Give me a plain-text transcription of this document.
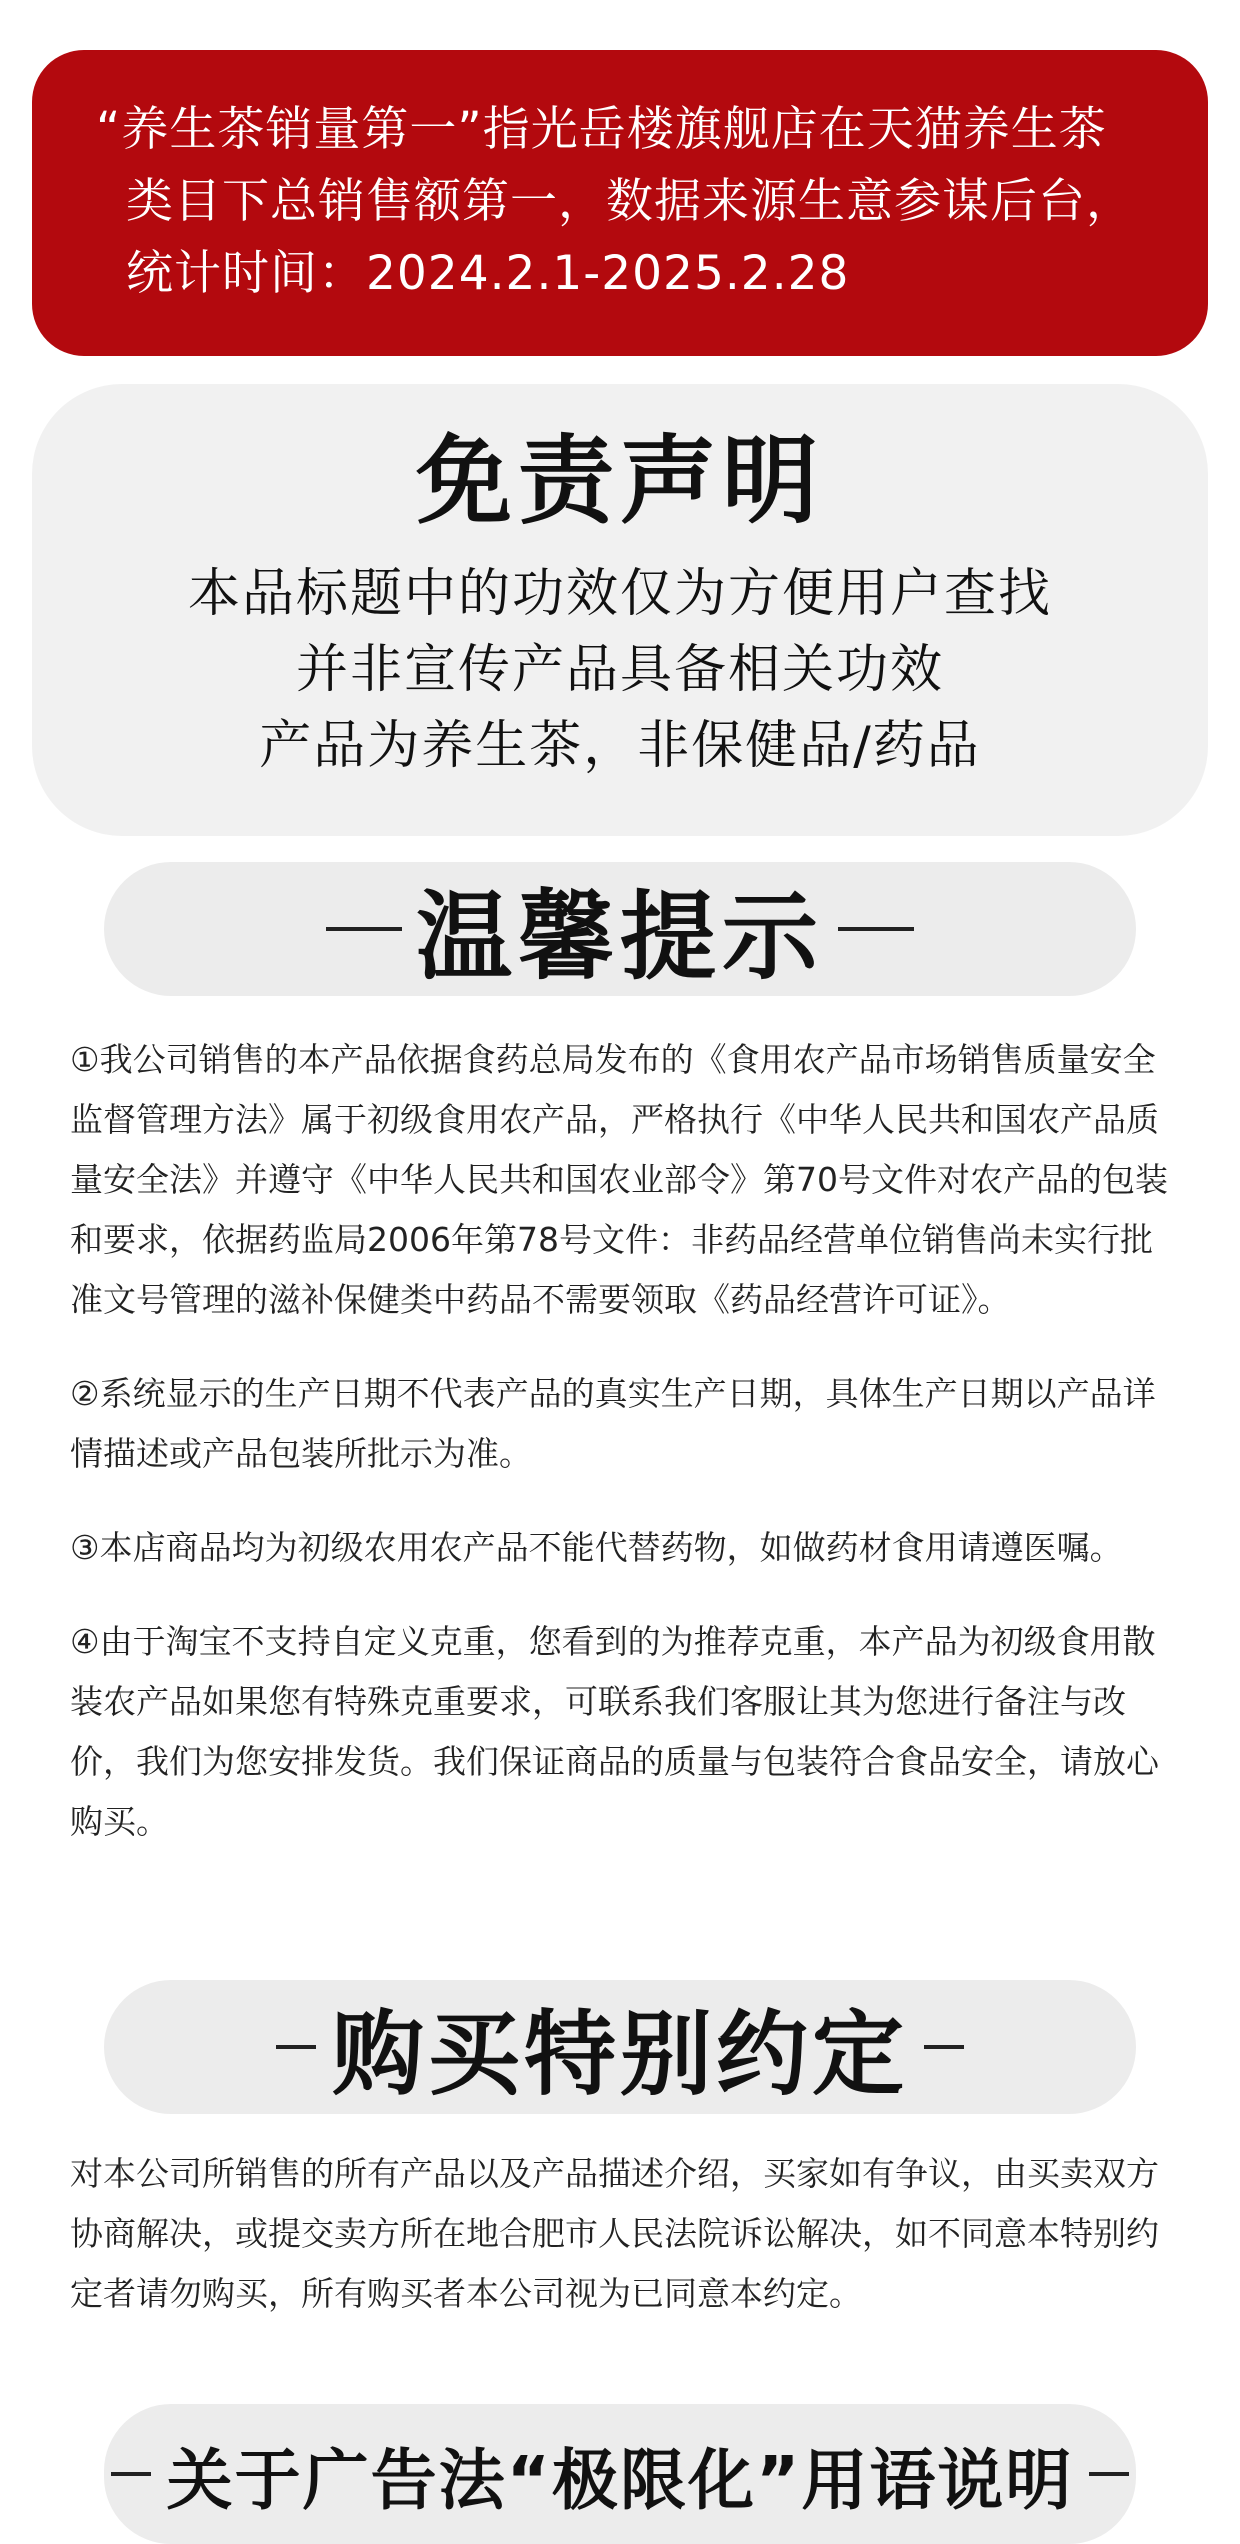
“养生茶销量第一”指光岳楼旗舰店在天猫养生茶
类目下总销售额第一，数据来源生意参谋后台，
统计时间：2024.2.1-2025.2.28
免责声明
本品标题中的功效仅为方便用户查找
并非宣传产品具备相关功效
产品为养生茶，非保健品/药品
温馨提示

①我公司销售的本产品依据食药总局发布的《食用农产品市场销售质量安全监督管理方法》属于初级食用农产品，严格执行《中华人民共和国农产品质量安全法》并遵守《中华人民共和国农业部令》第70号文件对农产品的包装和要求，依据药监局2006年第78号文件：非药品经营单位销售尚未实行批准文号管理的滋补保健类中药品不需要领取《药品经营许可证》。

②系统显示的生产日期不代表产品的真实生产日期，具体生产日期以产品详情描述或产品包装所批示为准。

③本店商品均为初级农用农产品不能代替药物，如做药材食用请遵医嘱。

④由于淘宝不支持自定义克重，您看到的为推荐克重，本产品为初级食用散装农产品如果您有特殊克重要求，可联系我们客服让其为您进行备注与改价，我们为您安排发货。我们保证商品的质量与包装符合食品安全，请放心购买。

购买特别约定
对本公司所销售的所有产品以及产品描述介绍，买家如有争议，由买卖双方协商解决，或提交卖方所在地合肥市人民法院诉讼解决，如不同意本特别约定者请勿购买，所有购买者本公司视为已同意本约定。
关于广告法“极限化”用语说明
